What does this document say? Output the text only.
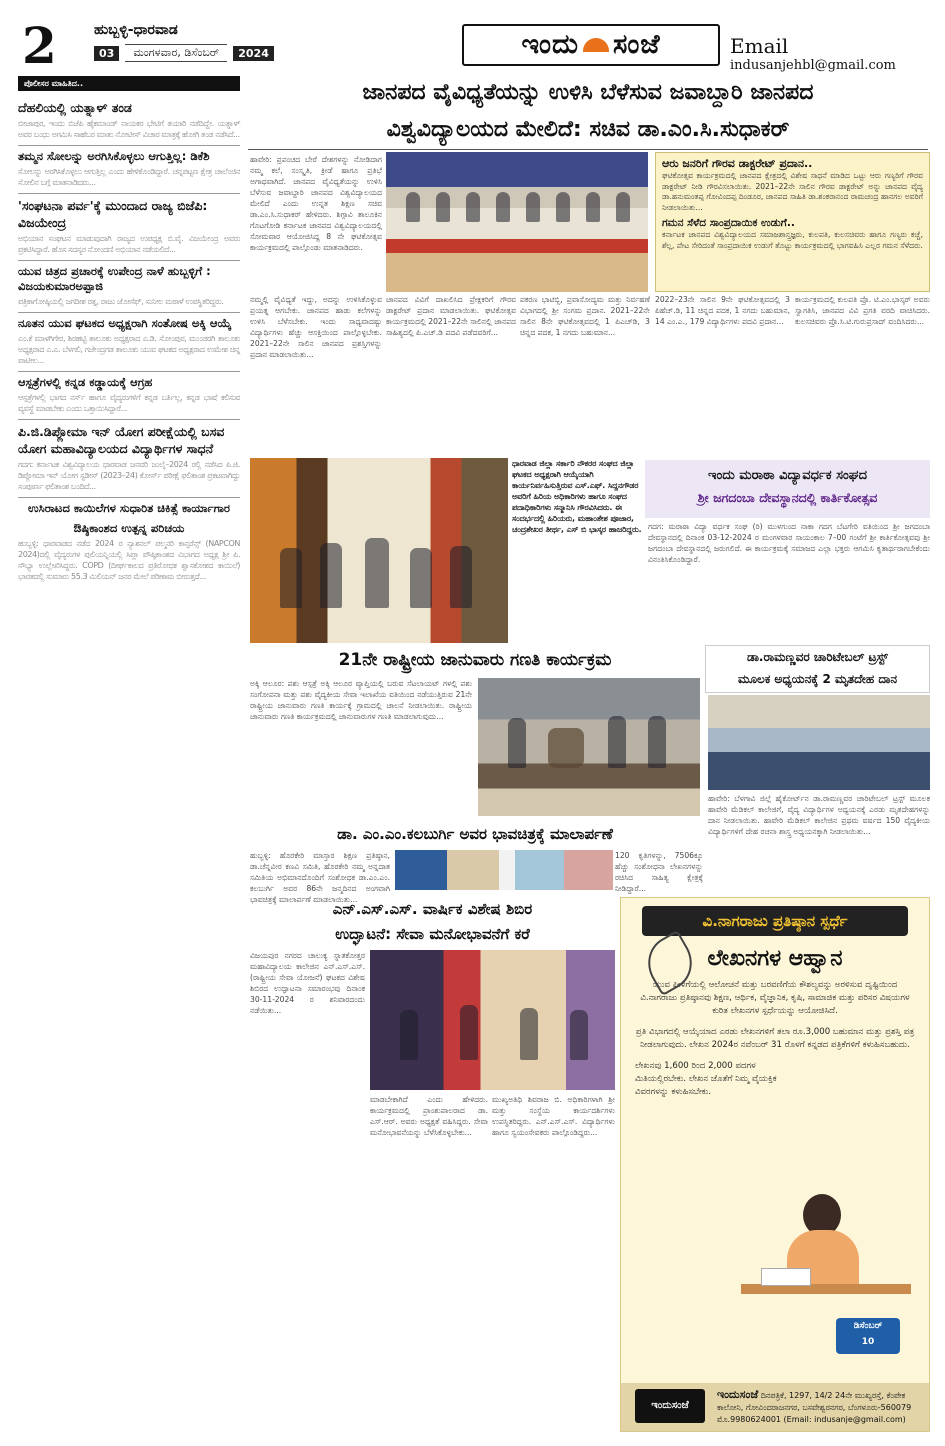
2	ಹುಬ್ಬಳ್ಳಿ-ಧಾರವಾಡ
03	ಮಂಗಳವಾರ, ಡಿಸೆಂಬರ್	2024	ಇಂದು ಸಂಜೆ	Email indusanjehbl@gmail.com
ಪೊಲೀಸರ ಮಾಹಿತಿದ..
ದೆಹಲಿಯಲ್ಲಿ ಯತ್ನಾಳ್ ತಂಡ
ಬೀಜಾಪುರ, ಇಂದು ಬಿಜೆಪಿ ಹೈಕಮಾಂಡ್ ನಾಯಕರ ಭೇಟಿಗೆ ತಯಾರಿ ನಡೆದಿದ್ದೇ. ಯತ್ನಾಳ್ ಅವರ ಬಂಧು ಅಗಮಿಸಿ ಸಾಹೆಬರ ಮಾತು ನೋಟೀಸ್ ವಿಚಾರ ಮಾತ್ರಕ್ಕೆ ಹೋಗಿ ತಂಡ ನಡೆಸಿದೆ...
ತಮ್ಮನ ಸೋಲನ್ನು ಅರಗಿಸಿಕೊಳ್ಳಲು ಆಗುತ್ತಿಲ್ಲ: ಡಿಕೆಶಿ
ಸೋಲನ್ನು ಅರಗಿಸಿಕೊಳ್ಳಲು ಆಗುತ್ತಿಲ್ಲ ಎಂದು ಹೇಳಿಕೊಂಡಿದ್ದಾರೆ. ಚನ್ನಪಟ್ಟಣ ಕ್ಷೇತ್ರ ಚಾಲೆಂಜಿನ ಸೋಲಿನ ಬಗ್ಗೆ ಮಾತನಾಡಿದರು...
'ಸಂಘಟನಾ ಪರ್ವ'ಕ್ಕೆ ಮುಂದಾದ ರಾಜ್ಯ ಬಿಜೆಪಿ: ವಿಜಯೇಂದ್ರ
ಅಭಿಯಾನ ಸಂಘಟನ ಮಾಡುವುದಾಗಿ ರಾಜ್ಯದ ಉಪಧ್ಯಕ್ಷ ಬಿ.ವೈ. ವಿಜಯೇಂದ್ರ ಅವರು ಪ್ರಕಟಿಸಿದ್ದಾರೆ. ಹೊಸ ಸದಸ್ಯರ ನೋಂದಣಿ ಅಭಿಯಾನ ನಡೆಯಲಿದೆ...
ಯುವ ಚಿತ್ರದ ಪ್ರಚಾರಕ್ಕೆ ಉಪೇಂದ್ರ ನಾಳೆ ಹುಬ್ಬಳ್ಳಿಗೆ : ವಿಜಯಕುಮಾರಅಪ್ಪಾಜಿ
ಪತ್ರಿಕಾಗೋಷ್ಠಿಯಲ್ಲಿ ಜಗದೀಶ ರತ್ನ, ರಾಜು ಜೋಸೆಫ್, ಸುನೀಲ ಮಠಾಳೆ ಉಪಸ್ಥಿತರಿದ್ದರು.
ನೂತನ ಯುವ ಘಟಕದ ಅಧ್ಯಕ್ಷರಾಗಿ ಸಂತೋಷ ಅಕ್ಕಿ ಆಯ್ಕೆ
ಎಂ.ಕೆ ಮಾಳಗಿಗೇರ, ಶಿರಹಟ್ಟಿ ತಾಲೂಕು ಅಧ್ಯಕ್ಷರಾದ ಎ.ಡಿ. ಸೋಂಪುರ, ಮುಂಡರಗಿ ತಾಲೂಕು ಅಧ್ಯಕ್ಷರಾದ ಎ.ಎ. ಬೆಳಗಲಿ, ಗಜೇಂದ್ರಗಡ ತಾಲೂಕು ಯುವ ಘಟಕದ ಅಧ್ಯಕ್ಷರಾದ ಉಮೇಶ ಚಿನ್ನ ಪಾಟೀಲ...
ಆಸ್ಪತ್ರೆಗಳಲ್ಲಿ ಕನ್ನಡ ಕಡ್ಡಾಯಕ್ಕೆ ಆಗ್ರಹ
ಆಸ್ಪತ್ರೆಗಳಲ್ಲಿ ಭಾಗದ ನರ್ಸ್ ಹಾಗೂ ವೈದ್ಯರುಗಳಿಗೆ ಕನ್ನಡ ಬರ್ತಿಲ್ಲ, ಕನ್ನಡ ಭಾಷೆ ಕಲಿಸುವ ವ್ಯವಸ್ಥೆ ಮಾಡಬೇಕು ಎಂದು ಒತ್ತಾಯಿಸಿದ್ದಾರೆ...
ಪಿ.ಜಿ.ಡಿಪ್ಲೋಮಾ ಇನ್ ಯೋಗ ಪರೀಕ್ಷೆಯಲ್ಲಿ ಬಸವ ಯೋಗ ಮಹಾವಿದ್ಯಾಲಯದ ವಿದ್ಯಾರ್ಥಿಗಳ ಸಾಧನೆ
ಗದಗ: ಕರ್ನಾಟಕ ವಿಶ್ವವಿದ್ಯಾಲಯ ಧಾರವಾಡ ಜನವರಿ ಜುಲೈ–2024 ರಲ್ಲಿ ನಡೆಸಿದ ಪಿ.ಜಿ. ಡಿಪ್ಲೋಮಾ ಇನ್ ಯೋಗ ಸ್ಟಡೀಸ್ (2023–24) ಕೋರ್ಸ್ ಪರೀಕ್ಷೆ ಫಲಿತಾಂಶ ಪ್ರಕಟವಾಗಿದ್ದು ಸಂಪೂರ್ಣ ಫಲಿತಾಂಶ ಬಂದಿದೆ...
ಉಸಿರಾಟದ ಕಾಯಿಲೆಗಳ ಸುಧಾರಿತ ಚಿಕಿತ್ಸೆ ಕಾರ್ಯಾಗಾರ
ಔಷ್ಠಿಕಾಂಶದ ಉತ್ಪನ್ನ ಪರಿಚಯ
ಹುಬ್ಬಳ್ಳಿ: ಧಾರವಾಡದ ನಡೆದ 2024 ರ ನ್ಯಾಶನಲ್ ಪಲ್ಮನರಿ ಕಾನ್ಫರೆನ್ಸ್ (NAPCON 2024)ದಲ್ಲಿ ವೈದ್ಯರುಗಳ ಪುಲಿಯನ್ನಿಯಲ್ಲಿ ಸಿಪ್ಲಾ ಪೌಷ್ಠಿಕಾಂಶದ ವಿಭಾಗದ ಅಧ್ಯಕ್ಷ ಶ್ರೀ ಪಿ. ಸೌಭ್ಯಾ ಉಲ್ಲೇಖಿಸಿದ್ದರು. COPD (ದೀರ್ಘಕಾಲದ ಪ್ರತಿರೋಧಕ ಶ್ವಾಸಕೋಶದ ಕಾಯಿಲೆ) ಭಾರತದಲ್ಲಿ ಸುಮಾರು 55.3 ಮಿಲಿಯನ್ ಜನರ ಮೇಲೆ ಪರಿಣಾಮ ಬೀರುತ್ತದೆ...
ಜಾನಪದ ವೈವಿಧ್ಯತೆಯನ್ನು ಉಳಿಸಿ ಬೆಳೆಸುವ ಜವಾಬ್ದಾರಿ ಜಾನಪದ
ವಿಶ್ವವಿದ್ಯಾಲಯದ ಮೇಲಿದೆ: ಸಚಿವ ಡಾ.ಎಂ.ಸಿ.ಸುಧಾಕರ್
ಹಾವೇರಿ: ಪ್ರಪಂಚದ ಬೇರೆ ದೇಶಗಳನ್ನು ನೋಡಿದಾಗ ನಮ್ಮ ಕಲೆ, ಸಂಸ್ಕೃತಿ, ಕ್ರೀಡೆ ಹಾಗೂ ಪ್ರತಿಭೆ ಅಗಾಧವಾಗಿದೆ. ಜಾನಪದ ವೈವಿಧ್ಯತೆಯನ್ನು ಉಳಿಸಿ ಬೆಳೆಸುವ ಜವಾಬ್ದಾರಿ ಜಾನಪದ ವಿಶ್ವವಿದ್ಯಾಲಯದ ಮೇಲಿದೆ ಎಂದು ಉನ್ನತ ಶಿಕ್ಷಣ ಸಚಿವ ಡಾ.ಎಂ.ಸಿ.ಸುಧಾಕರ್ ಹೇಳಿದರು. ಶಿಗ್ಗಾವಿ ತಾಲೂಕಿನ ಗೊಟಗೋಡಿ ಕರ್ನಾಟಕ ಜಾನಪದ ವಿಶ್ವವಿದ್ಯಾಲಯದಲ್ಲಿ ಸೋಮವಾರ ಆಯೋಜಿಸಿದ್ದ 8 ನೇ ಘಟಿಕೋತ್ಸವ ಕಾರ್ಯಕ್ರಮದಲ್ಲಿ ಪಾಲ್ಗೊಂಡು ಮಾತನಾಡಿದರು.
ನಮ್ಮಲ್ಲಿ ವೈವಿಧ್ಯತೆ ಇದ್ದು, ಅದನ್ನು ಉಳಿಸಿಕೊಳ್ಳುವ ಪ್ರಯತ್ನ ಆಗಬೇಕು. ಜಾನಪದ ಹಾಡು ಕಲೆಗಳನ್ನು ಉಳಿಸಿ ಬೆಳೆಸಬೇಕು. ಇಂದು ಸಾಧ್ಯವಾದಷ್ಟು ವಿದ್ಯಾರ್ಥಿಗಳು ಹೆಚ್ಚು ಆಸಕ್ತಿಯಿಂದ ಪಾಲ್ಗೊಳ್ಳಬೇಕು. 2021–22ನೇ ಸಾಲಿನ ಜಾನಪದ ಪ್ರಶಸ್ತಿಗಳನ್ನು ಪ್ರದಾನ ಮಾಡಲಾಯಿತು...
ಜಾನಪದ ವಿವಿಗೆ ದಾಖಲಿಸಿದ ಪ್ರೇಕ್ಷಕರಿಗೆ ಗೌರವ ಡಾಕ್ಟರೇಟ್ ಪ್ರದಾನ ಮಾಡಲಾಯಿತು. ಘಟಿಕೋತ್ಸವ ಕಾರ್ಯಕ್ರಮದಲ್ಲಿ 2021–22ನೇ ಸಾಲಿನಲ್ಲಿ ಜಾನಪದ ಸಾಹಿತ್ಯದಲ್ಲಿ ಪಿ.ಎಚ್.ಡಿ ಪದವಿ ಪಡೆದವರಿಗೆ...
ಪಕರಣ ಭಾಟಿಬ್ಬಿ, ಪ್ರವಾಸೋದ್ಯಮ ಮತ್ತು ನಿರ್ವಹಣೆ ವಿಭಾಗದಲ್ಲಿ ಶ್ರೀ ಸಂಗಮ ಪ್ರದಾನ. 2021–22ನೇ ಸಾಲಿನ 8ನೇ ಘಟಿಕೋತ್ಸವದಲ್ಲಿ 1 ಪಿಎಚ್‌ಡಿ, 3 ಚಿನ್ನದ ಪದಕ, 1 ನಗದು ಬಹುಮಾನ...
2022–23ನೇ ಸಾಲಿನ 9ನೇ ಘಟಿಕೋತ್ಸವದಲ್ಲಿ 3 ಪಿಹೆಚ್.ಡಿ, 11 ಚಿನ್ನದ ಪದಕ, 1 ನಗದು ಬಹುಮಾನ, 14 ಎಂ.ಎ., 179 ವಿದ್ಯಾರ್ಥಿಗಳು ಪದವಿ ಪ್ರದಾನ...
ಕಾರ್ಯಕ್ರಮದಲ್ಲಿ ಕುಲಪತಿ ಪ್ರೊ. ಟಿ.ಎಂ.ಭಾಸ್ಕರ್ ಅವರು ಸ್ವಾಗತಿಸಿ, ಜಾನಪದ ವಿವಿ ಪ್ರಗತಿ ವರದಿ ವಾಚಿಸಿದರು. ಕುಲಸಚಿವರು ಪ್ರೊ.ಸಿ.ಟಿ.ಗುರುಪ್ರಸಾದ್ ವಂದಿಸಿದರು...
ಆರು ಜನರಿಗೆ ಗೌರವ ಡಾಕ್ಟರೇಟ್ ಪ್ರದಾನ..
ಘಟಿಕೋತ್ಸವ ಕಾರ್ಯಕ್ರಮದಲ್ಲಿ ಜಾನಪದ ಕ್ಷೇತ್ರದಲ್ಲಿ ವಿಶೇಷ ಸಾಧನೆ ಮಾಡಿದ ಒಟ್ಟು ಆರು ಗಣ್ಯರಿಗೆ ಗೌರವ ಡಾಕ್ಟರೇಟ್ ನೀಡಿ ಗೌರವಿಸಲಾಯಿತು. 2021–22ನೇ ಸಾಲಿನ ಗೌರವ ಡಾಕ್ಟರೇಟ್ ಅನ್ನು ಜಾನಪದ ವೈದ್ಯ ಡಾ.ಹನುಮಂತಪ್ಪ ಗೋವಿಂದಪ್ಪ ದಿಂಡೂರ, ಜಾನಪದ ಸಾಹಿತಿ ಡಾ.ಶಂಕರಾನಂದ ರಾಮಚಂದ್ರ ಹಾನಗಲ ಅವರಿಗೆ ನೀಡಲಾಯಿತು...
ಗಮನ ಸೆಳೆದ ಸಾಂಪ್ರದಾಯಿಕ ಉಡುಗೆ..
ಕರ್ನಾಟಕ ಜಾನಪದ ವಿಶ್ವವಿದ್ಯಾಲಯದ ಸಮಾಜಶಾಸ್ತ್ರಜ್ಞರು, ಕುಲಪತಿ, ಕುಲಸಚಿವರು ಹಾಗೂ ಗಣ್ಯರು ಕಚ್ಚೆ, ಶೆಲ್ಲ, ಪೇಟ ಸೇರಿದಂತೆ ಸಾಂಪ್ರದಾಯಿಕ ಉಡುಗೆ ತೊಟ್ಟು ಕಾರ್ಯಕ್ರಮದಲ್ಲಿ ಭಾಗವಹಿಸಿ ಎಲ್ಲರ ಗಮನ ಸೆಳೆದರು.
ಧಾರವಾಡ ಜಿಲ್ಲಾ ಸರ್ಕಾರಿ ನೌಕರರ ಸಂಘದ ಜಿಲ್ಲಾ ಘಟಕದ ಅಧ್ಯಕ್ಷರಾಗಿ ಆಯ್ಕೆಯಾಗಿ ಕಾರ್ಯನಿರ್ವಹಿಸುತ್ತಿರುವ ಎಸ್.ಎಫ್. ಸಿದ್ದನಗೌಡರ ಅವರಿಗೆ ಹಿರಿಯ ಅಧಿಕಾರಿಗಳು ಹಾಗೂ ಸಂಘದ ಪದಾಧಿಕಾರಿಗಳು ಸನ್ಮಾನಿಸಿ ಗೌರವಿಸಿದರು. ಈ ಸಂದರ್ಭದಲ್ಲಿ ಹಿರಿಯರು, ಮಹಾಂತೇಶ ಪೂಜಾರ, ಚಂದ್ರಶೇಖರ ತೀರ್ಥ, ಎಸ್ ಬಿ ಭಾಸ್ಕರ ಹಾಜರಿದ್ದರು.
ಇಂದು ಮರಾಠಾ ವಿದ್ಯಾವರ್ಧಕ ಸಂಘದ
ಶ್ರೀ ಜಗದಂಬಾ ದೇವಸ್ಥಾನದಲ್ಲಿ ಕಾರ್ತಿಕೋತ್ಸವ
ಗದಗ: ಮರಾಠಾ ವಿದ್ಯಾ ವರ್ಧಕ ಸಂಘ (ರಿ) ಮುಳಗುಂದ ನಾಕಾ ಗದಗ ಬೆಟಗೇರಿ ವತಿಯಿಂದ ಶ್ರೀ ಜಗದಂಬಾ ದೇವಸ್ಥಾನದಲ್ಲಿ ದಿನಾಂಕ 03-12-2024 ರ ಮಂಗಳವಾರ ಸಾಯಂಕಾಲ 7–00 ಗಂಟೆಗೆ ಶ್ರೀ ಕಾರ್ತಿಕೋತ್ಸವವು ಶ್ರೀ ಜಗದಂಬಾ ದೇವಸ್ಥಾನದಲ್ಲಿ ಜರುಗಲಿದೆ. ಈ ಕಾರ್ಯಕ್ರಮಕ್ಕೆ ಸಮಾಜದ ಎಲ್ಲಾ ಭಕ್ತರು ಆಗಮಿಸಿ ಕೃತಾರ್ಥರಾಗಬೇಕೆಂದು ವಿನಂತಿಸಿಕೊಂಡಿದ್ದಾರೆ.
21ನೇ ರಾಷ್ಟ್ರೀಯ ಜಾನುವಾರು ಗಣತಿ ಕಾರ್ಯಕ್ರಮ
ಅಕ್ಕಿ ಆಲೂರ: ಪಶು ಆಸ್ಪತ್ರೆ ಅಕ್ಕಿ ಆಲೂರ ವ್ಯಾಪ್ತಿಯಲ್ಲಿ ಬರುವ ಸೆಟಲಾಯಟ್ ಗಳಲ್ಲಿ ಪಶು ಸಂಗೋಪನಾ ಮತ್ತು ಪಶು ವೈದ್ಯಕೀಯ ಸೇವಾ ಇಲಾಖೆಯ ವತಿಯಿಂದ ನಡೆಯುತ್ತಿರುವ 21ನೇ ರಾಷ್ಟ್ರೀಯ ಜಾನುವಾರು ಗಣತಿ ಕಾರ್ಯಕ್ಕೆ ಗ್ರಾಮದಲ್ಲಿ ಚಾಲನೆ ನೀಡಲಾಯಿತು. ರಾಷ್ಟ್ರೀಯ ಜಾನುವಾರು ಗಣತಿ ಕಾರ್ಯಕ್ರಮದಲ್ಲಿ ಜಾನುವಾರುಗಳ ಗಣತಿ ಮಾಡಲಾಗುವುದು...
ಡಾ.ರಾಮಣ್ಣವರ ಚಾರಿಟೇಬಲ್ ಟ್ರಸ್ಟ್
ಮೂಲಕ ಅಧ್ಯಯನಕ್ಕೆ 2 ಮೃತದೇಹ ದಾನ
ಹಾವೇರಿ: ಬೆಳಗಾವಿ ಜಿಲ್ಲೆ ಹೈಕೋರ್ಟ್‌ನ ಡಾ.ರಾಮಣ್ಣವರ ಚಾರಿಟೇಬಲ್ ಟ್ರಸ್ಟ್ ಮೂಲಕ ಹಾವೇರಿ ಮೆಡಿಕಲ್ ಕಾಲೇಜಿಗೆ, ವೈದ್ಯ ವಿದ್ಯಾರ್ಥಿಗಳ ಅಧ್ಯಯನಕ್ಕೆ ಎರಡು ಮೃತದೇಹಗಳನ್ನು ದಾನ ನೀಡಲಾಯಿತು. ಹಾವೇರಿ ಮೆಡಿಕಲ್ ಕಾಲೇಜಿನ ಪ್ರಥಮ ವರ್ಷದ 150 ವೈದ್ಯಕೀಯ ವಿದ್ಯಾರ್ಥಿಗಳಿಗೆ ದೇಹ ರಚನಾ ಶಾಸ್ತ್ರ ಅಧ್ಯಯನಕ್ಕಾಗಿ ನೀಡಲಾಯಿತು...
ಡಾ. ಎಂ.ಎಂ.ಕಲಬುರ್ಗಿ ಅವರ ಭಾವಚಿತ್ರಕ್ಕೆ ಮಾಲಾರ್ಪಣೆ
ಹುಬ್ಬಳ್ಳಿ: ಹೊರಕೇರಿ ಮಾಸ್ತಾರ ಶಿಕ್ಷಣ ಪ್ರತಿಷ್ಠಾನ, ಡಾ.ಚೆನ್ನವೀರ ಕಣವಿ ಸಮಿತಿ, ಹೊರಕೇರಿ ನಮ್ಮ ಅನ್ನದಾತ ಸಮಿತಿಯ ಅಭಿಮಾನದೊಂದಿಗೆ ಸಂಶೋಧಕ ಡಾ.ಎಂ.ಎಂ. ಕಲಬುರ್ಗಿ ಅವರ 86ನೇ ಜನ್ಮದಿನದ ಅಂಗವಾಗಿ ಭಾವಚಿತ್ರಕ್ಕೆ ಮಾಲಾರ್ಪಣೆ ಮಾಡಲಾಯಿತು...
120 ಕೃತಿಗಳನ್ನು, 7506ಕ್ಕೂ ಹೆಚ್ಚು ಸಂಶೋಧನಾ ಲೇಖನಗಳನ್ನು ರಚಿಸಿದ ಸಾಹಿತ್ಯ ಕ್ಷೇತ್ರಕ್ಕೆ ನೀಡಿದ್ದಾರೆ...
ಎನ್.ಎಸ್.ಎಸ್. ವಾರ್ಷಿಕ ವಿಶೇಷ ಶಿಬಿರ
ಉದ್ಘಾಟನೆ: ಸೇವಾ ಮನೋಭಾವನೆಗೆ ಕರೆ
ವಿಜಯಪುರ ನಗರದ ಚಾಲುಕ್ಯ ಸ್ನಾತಕೋತ್ತರ ಮಹಾವಿದ್ಯಾಲಯ ಕಾಲೇಜಿನ ಎನ್.ಎಸ್.ಎಸ್. (ರಾಷ್ಟ್ರೀಯ ಸೇವಾ ಯೋಜನೆ) ಘಟಕದ ವಿಶೇಷ ಶಿಬಿರದ ಉದ್ಘಾಟನಾ ಸಮಾರಂಭವು ದಿನಾಂಕ 30-11-2024 ರ ಶನಿವಾರದಂದು ನಡೆಯಿತು...
ಮಾಡಬೇಕಾಗಿದೆ ಎಂದು ಹೇಳಿದರು. ಕಾರ್ಯಕ್ರಮದಲ್ಲಿ ಪ್ರಾಂಶುಪಾಲರಾದ ಡಾ. ಎಸ್.ಆರ್. ಅವರು ಅಧ್ಯಕ್ಷತೆ ವಹಿಸಿದ್ದರು. ಸೇವಾ ಮನೋಭಾವನೆಯನ್ನು ಬೆಳೆಸಿಕೊಳ್ಳಬೇಕು...
ಮುಖ್ಯಅತಿಥಿ ಶಿವರಾಜ ಬಿ. ಅಧಿಕಾರಿಗಳಾಗಿ ಶ್ರೀ ಮತ್ತು ಸಂಸ್ಥೆಯ ಕಾರ್ಯದರ್ಶಿಗಳು ಉಪಸ್ಥಿತರಿದ್ದರು. ಎನ್.ಎಸ್.ಎಸ್. ವಿದ್ಯಾರ್ಥಿಗಳು ಹಾಗೂ ಸ್ವಯಂಸೇವಕರು ಪಾಲ್ಗೊಂಡಿದ್ದರು...
ವಿ.ನಾಗರಾಜು ಪ್ರತಿಷ್ಠಾನ ಸ್ಪರ್ಧೆ
ಲೇಖನಗಳ ಆಹ್ವಾನ
ಯುವ ಪೀಳಿಗೆಯಲ್ಲಿ ಆಲೋಚನೆ ಮತ್ತು ಬರವಣಿಗೆಯ ಕೌಶಲ್ಯವನ್ನು ಅರಳಿಸುವ ದೃಷ್ಟಿಯಿಂದ ವಿ.ನಾಗರಾಜು ಪ್ರತಿಷ್ಠಾನವು ಶಿಕ್ಷಣ, ಆರ್ಥಿಕ, ವೈಜ್ಞಾನಿಕ, ಕೃಷಿ, ಸಾಮಾಜಿಕ ಮತ್ತು ಪರಿಸರ ವಿಷಯಗಳ ಕುರಿತ ಲೇಖನಗಳ ಸ್ಪರ್ಧೆಯನ್ನು ಆಯೋಜಿಸಿದೆ.
ಪ್ರತಿ ವಿಭಾಗದಲ್ಲಿ ಆಯ್ಕೆಯಾದ ಎರಡು ಲೇಖನಗಳಿಗೆ ತಲಾ ರೂ.3,000 ಬಹುಮಾನ ಮತ್ತು ಪ್ರಶಸ್ತಿ ಪತ್ರ ನೀಡಲಾಗುವುದು. ಲೇಖನ 2024ರ ನವೆಂಬರ್ 31 ರೊಳಗೆ ಕನ್ನಡದ ಪತ್ರಿಕೆಗಳಿಗೆ ಕಳುಹಿಸಬಹುದು.
ಲೇಖನವು 1,600 ರಿಂದ 2,000 ಪದಗಳ ಮಿತಿಯಲ್ಲಿರಬೇಕು. ಲೇಖನ ಜೊತೆಗೆ ನಿಮ್ಮ ವೈಯಕ್ತಿಕ ವಿವರಗಳನ್ನು ಕಳುಹಿಸಬೇಕು.
ಡಿಸೆಂಬರ್
10
ಇಂದುಸಂಜೆ ದಿನಪತ್ರಿಕೆ, 1297, 14/2 24ನೇ ಮುಖ್ಯರಸ್ತೆ, ಕೆಂಪೇಕ ಕಾಲೋನಿ, ಗೋವಿಂದರಾಜನಗರ, ಬಸವೇಶ್ವರನಗರ, ಬೆಂಗಳೂರು-560079
ಮೊ.9980624001 (Email: indusanje@gmail.com)
ಇಂದುಸಂಜೆ
